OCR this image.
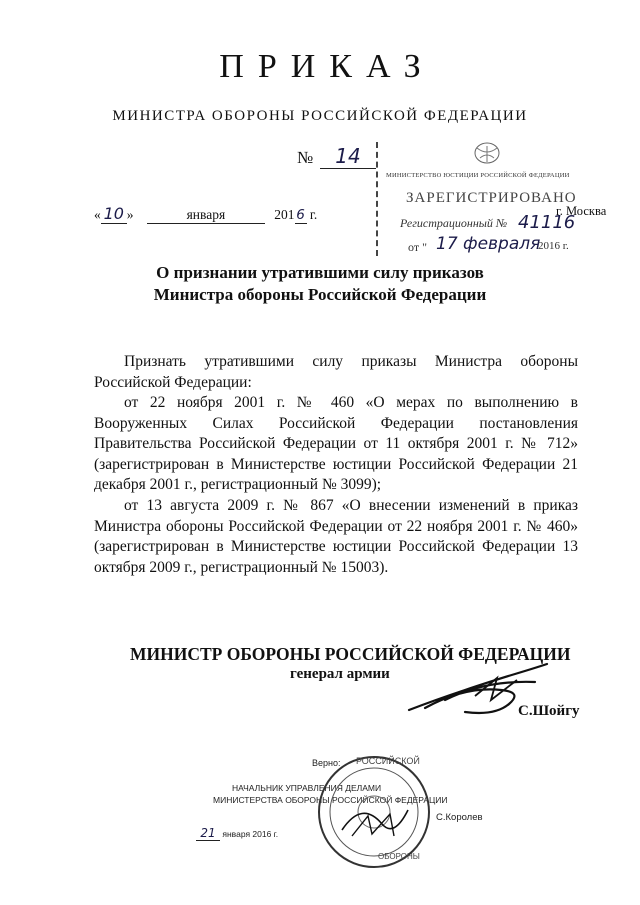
ПРИКАЗ
МИНИСТРА ОБОРОНЫ РОССИЙСКОЙ ФЕДЕРАЦИИ
№	14
« 10 »	января	201 6 г.
МИНИСТЕРСТВО ЮСТИЦИИ РОССИЙСКОЙ ФЕДЕРАЦИИ
ЗАРЕГИСТРИРОВАНО
Регистрационный № 41116
от " 17 февраля
2016 г.
г. Москва
О признании утратившими силу приказов
Министра обороны Российской Федерации
Признать утратившими силу приказы Министра обороны Российской Федерации:
от 22 ноября 2001 г. № 460 «О мерах по выполнению в Вооруженных Силах Российской Федерации постановления Правительства Российской Федерации от 11 октября 2001 г. № 712» (зарегистрирован в Министерстве юстиции Российской Федерации 21 декабря 2001 г., регистрационный № 3099);
от 13 августа 2009 г. № 867 «О внесении изменений в приказ Министра обороны Российской Федерации от 22 ноября 2001 г. № 460» (зарегистрирован в Министерстве юстиции Российской Федерации 13 октября 2009 г., регистрационный № 15003).
МИНИСТР ОБОРОНЫ РОССИЙСКОЙ ФЕДЕРАЦИИ
генерал армии
С.Шойгу
Верно:
НАЧАЛЬНИК УПРАВЛЕНИЯ ДЕЛАМИ
МИНИСТЕРСТВА ОБОРОНЫ РОССИЙСКОЙ ФЕДЕРАЦИИ
21 января 2016 г.
РОССИЙСКОЙ
ОБОРОНЫ
С.Королев
